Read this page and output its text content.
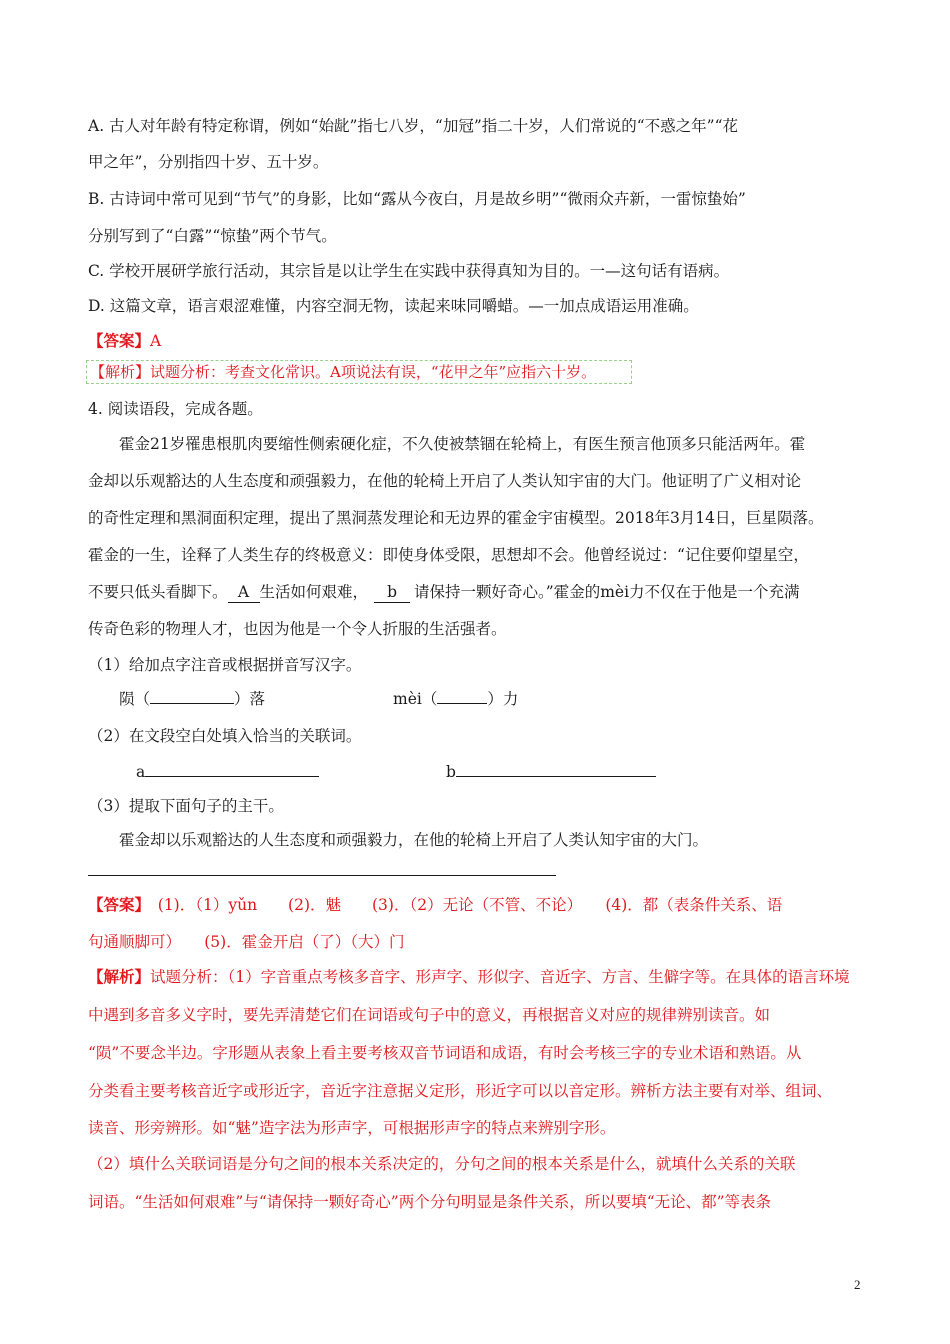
A. 古人对年龄有特定称谓，例如“始龀”指七八岁，“加冠”指二十岁，人们常说的“不惑之年”“花
甲之年”，分别指四十岁、五十岁。
B. 古诗词中常可见到“节气”的身影，比如“露从今夜白，月是故乡明”“微雨众卉新，一雷惊蛰始”
分别写到了“白露”“惊蛰”两个节气。
C. 学校开展研学旅行活动，其宗旨是以让学生在实践中获得真知为目的。一—这句话有语病。
D. 这篇文章，语言艰涩难懂，内容空洞无物，读起来味同嚼蜡。—一加点成语运用准确。
【答案】A
【解析】试题分析：考查文化常识。A项说法有误，“花甲之年”应指六十岁。
4. 阅读语段，完成各题。
霍金21岁罹患根肌肉要缩性侧索硬化症，不久使被禁锢在轮椅上，有医生预言他顶多只能活两年。霍
金却以乐观豁达的人生态度和顽强毅力，在他的轮椅上开启了人类认知宇宙的大门。他证明了广义相对论
的奇性定理和黑洞面积定理，提出了黑洞蒸发理论和无边界的霍金宇宙模型。2018年3月14日，巨星陨落。
霍金的一生，诠释了人类生存的终极意义：即使身体受限，思想却不会。他曾经说过：“记住要仰望星空，
不要只低头看脚下。 A 生活如何艰难， b 请保持一颗好奇心。”霍金的mèi力不仅在于他是一个充满
传奇色彩的物理人才，也因为他是一个令人折服的生活强者。
（1）给加点字注音或根据拼音写汉字。
陨（	）落	mèi（	）力
（2）在文段空白处填入恰当的关联词。
a	b
（3）提取下面句子的主干。
霍金却以乐观豁达的人生态度和顽强毅力，在他的轮椅上开启了人类认知宇宙的大门。
【答案】　(1)．（1）yǔn　　(2)．魅　　(3)．（2）无论（不管、不论）　　(4)．都（表条件关系、语
句通顺脚可）　　(5)．霍金开启（了）（大）门
【解析】试题分析：（1）字音重点考核多音字、形声字、形似字、音近字、方言、生僻字等。在具体的语言环境
中遇到多音多义字时，要先弄清楚它们在词语或句子中的意义，再根据音义对应的规律辨别读音。如
“陨”不要念半边。字形题从表象上看主要考核双音节词语和成语，有时会考核三字的专业术语和熟语。从
分类看主要考核音近字或形近字，音近字注意据义定形，形近字可以以音定形。辨析方法主要有对举、组词、
读音、形旁辨形。如“魅”造字法为形声字，可根据形声字的特点来辨别字形。
（2）填什么关联词语是分句之间的根本关系决定的，分句之间的根本关系是什么，就填什么关系的关联
词语。“生活如何艰难”与“请保持一颗好奇心”两个分句明显是条件关系，所以要填“无论、都”等表条
2
